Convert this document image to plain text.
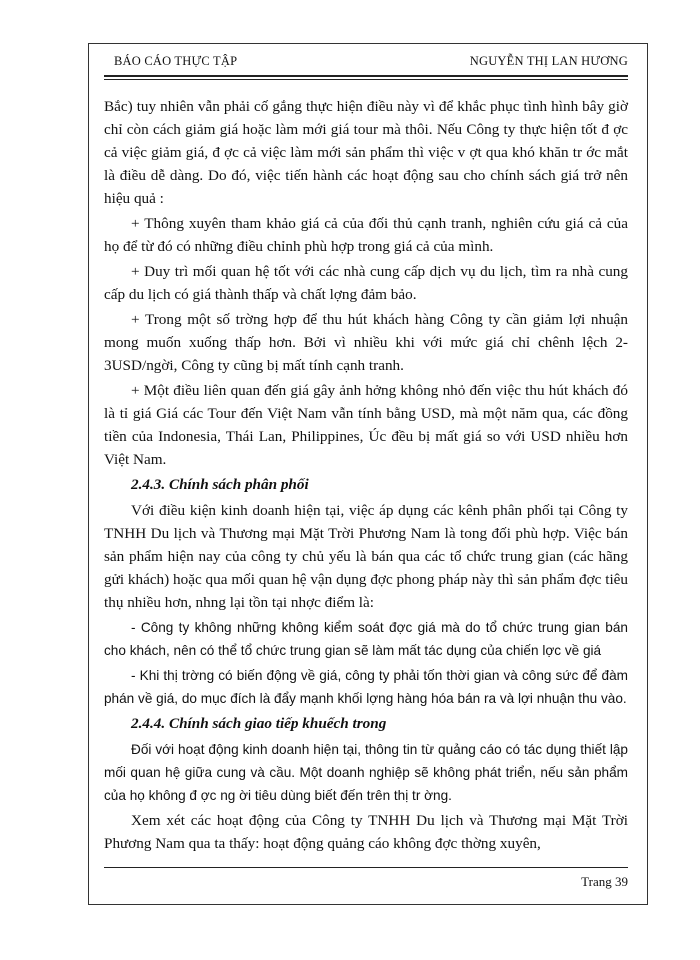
BÁO CÁO THỰC TẬP	NGUYỄN THỊ LAN HƯƠNG

Bắc) tuy nhiên vẫn phải cố gắng thực hiện điều này vì để khắc phục tình hình bây giờ chỉ còn cách giảm giá hoặc làm mới giá tour mà thôi. Nếu Công ty thực hiện tốt đ ợc cả việc giảm giá, đ ợc cả việc làm mới sản phẩm thì việc v ợt qua khó khăn tr ớc mắt là điều dễ dàng. Do đó, việc tiến hành các hoạt động sau cho chính sách giá trở nên hiệu quả :

+ Thông xuyên tham khảo giá cả của đối thủ cạnh tranh, nghiên cứu giá cả của họ để từ đó có những điều chỉnh phù hợp trong giá cả của mình.

+ Duy trì mối quan hệ tốt với các nhà cung cấp dịch vụ du lịch, tìm ra nhà cung cấp du lịch có giá thành thấp và chất lợng đảm bảo.

+ Trong một số trờng hợp để thu hút khách hàng Công ty cần giảm lợi nhuận mong muốn xuống thấp hơn. Bởi vì nhiều khi với mức giá chỉ chênh lệch 2-3USD/ngời, Công ty cũng bị mất tính cạnh tranh.

+ Một điều liên quan đến giá gây ảnh hởng không nhỏ đến việc thu hút khách đó là tỉ giá Giá các Tour đến Việt Nam vẫn tính bằng USD, mà một năm qua, các đồng tiền của Indonesia, Thái Lan, Philippines, Úc đều bị mất giá so với USD nhiều hơn Việt Nam.

2.4.3. Chính sách phân phối

Với điều kiện kinh doanh hiện tại, việc áp dụng các kênh phân phối tại Công ty TNHH Du lịch và Thương mại Mặt Trời Phương Nam là tong đối phù hợp. Việc bán sản phẩm hiện nay của công ty chủ yếu là bán qua các tổ chức trung gian (các hãng gửi khách) hoặc qua mối quan hệ vận dụng đợc phong pháp này thì sản phẩm đợc tiêu thụ nhiều hơn, nhng lại tồn tại nhợc điểm là:

- Công ty không những không kiểm soát đợc giá mà do tổ chức trung gian bán cho khách, nên có thể tổ chức trung gian sẽ làm mất tác dụng của chiến lợc về giá

- Khi thị trờng có biến động về giá, công ty phải tốn thời gian và công sức để đàm phán về giá, do mục đích là đẩy mạnh khối lợng hàng hóa bán ra và lợi nhuận thu vào.

2.4.4. Chính sách giao tiếp khuếch trong

Đối với hoạt động kinh doanh hiện tại, thông tin từ quảng cáo có tác dụng thiết lập mối quan hệ giữa cung và cầu. Một doanh nghiệp sẽ không phát triển, nếu sản phẩm của họ không đ ợc ng ời tiêu dùng biết đến trên thị tr ờng.

Xem xét các hoạt động của Công ty TNHH Du lịch và Thương mại Mặt Trời Phương Nam qua ta thấy: hoạt động quảng cáo không đợc thờng xuyên,

Trang 39
